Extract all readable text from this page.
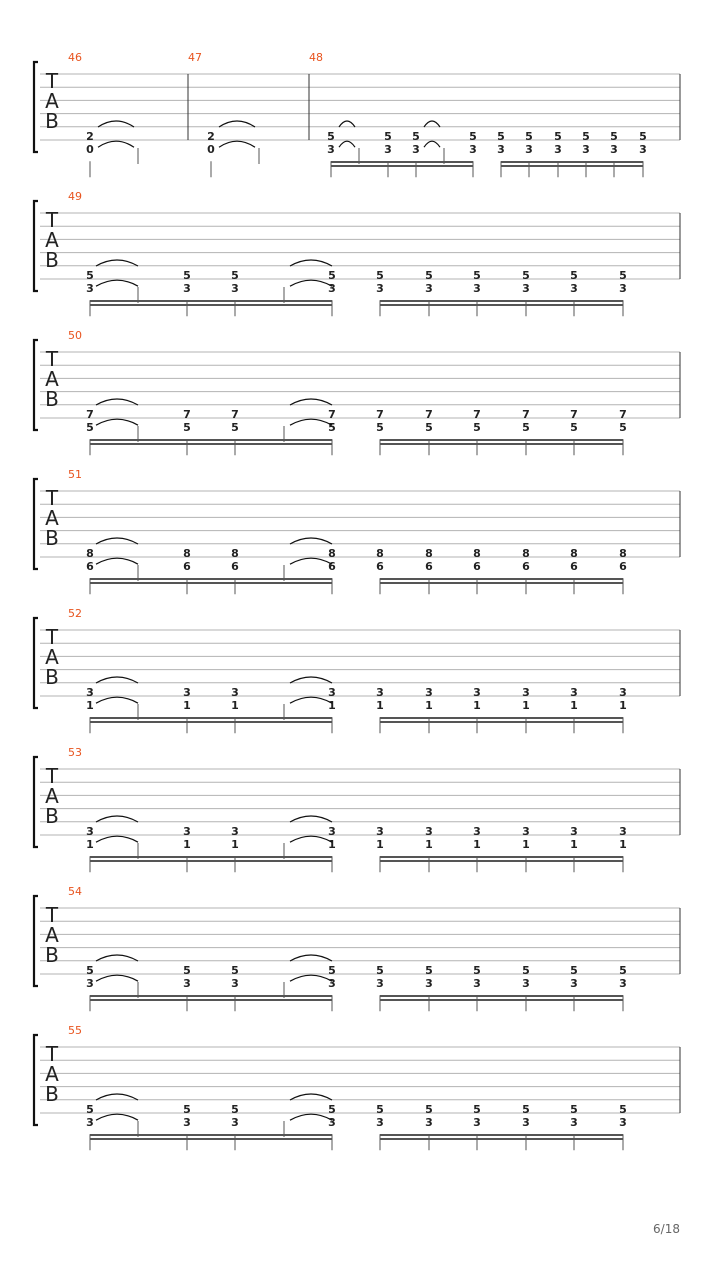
T
A
B
46
2
0
47
2
0
48
5
3
5
3
5
3
5
3
5
3
5
3
5
3
5
3
5
3
5
3
T
A
B
49
5
3
5
3
5
3
5
3
5
3
5
3
5
3
5
3
5
3
5
3
T
A
B
50
7
5
7
5
7
5
7
5
7
5
7
5
7
5
7
5
7
5
7
5
T
A
B
51
8
6
8
6
8
6
8
6
8
6
8
6
8
6
8
6
8
6
8
6
T
A
B
52
3
1
3
1
3
1
3
1
3
1
3
1
3
1
3
1
3
1
3
1
T
A
B
53
3
1
3
1
3
1
3
1
3
1
3
1
3
1
3
1
3
1
3
1
T
A
B
54
5
3
5
3
5
3
5
3
5
3
5
3
5
3
5
3
5
3
5
3
T
A
B
55
5
3
5
3
5
3
5
3
5
3
5
3
5
3
5
3
5
3
5
3
6/18
